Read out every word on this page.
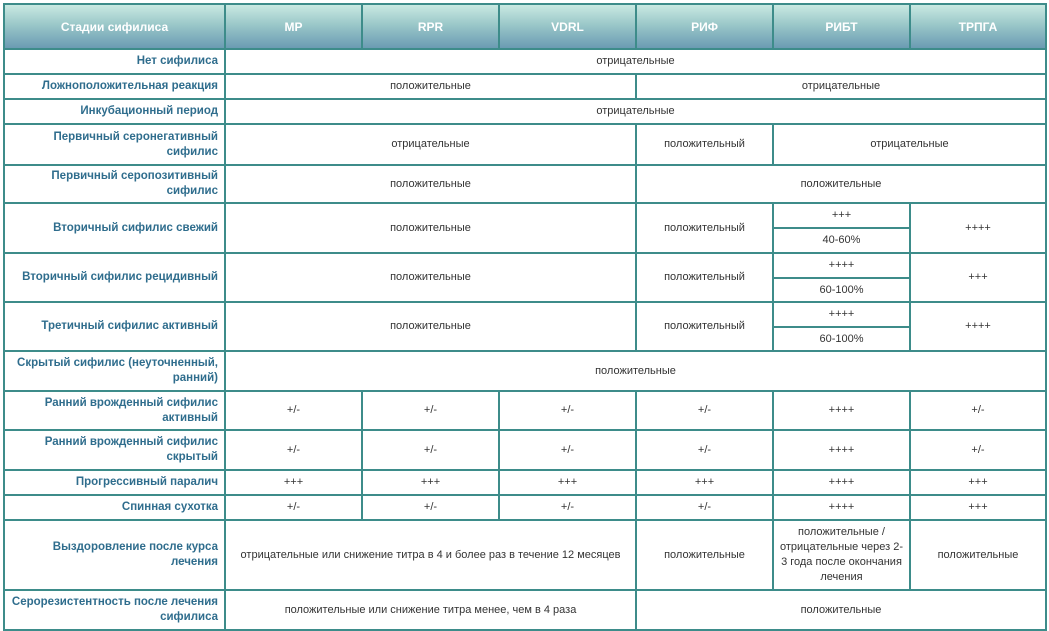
Стадии сифилиса	МР	RPR	VDRL	РИФ	РИБТ	ТРПГА
Нет сифилиса	отрицательные					
Ложноположительная реакция	положительные			отрицательные		
Инкубационный период	отрицательные					
Первичный серонегативный сифилис	отрицательные			положительный	отрицательные	
Первичный серопозитивный сифилис	положительные			положительные		
Вторичный сифилис свежий	положительные			положительный	+++	++++
					40-60%	
Вторичный сифилис рецидивный	положительные			положительный	++++	+++
					60-100%	
Третичный сифилис активный	положительные			положительный	++++	++++
					60-100%	
Скрытый сифилис (неуточненный, ранний)	положительные					
Ранний врожденный сифилис активный	+/-	+/-	+/-	+/-	++++	+/-
Ранний врожденный сифилис скрытый	+/-	+/-	+/-	+/-	++++	+/-
Прогрессивный паралич	+++	+++	+++	+++	++++	+++
Спинная сухотка	+/-	+/-	+/-	+/-	++++	+++
Выздоровление после курса лечения	отрицательные или снижение титра в 4 и более раз в течение 12 месяцев			положительные	положительные / отрицательные через 2-3 года после окончания лечения	положительные
Серорезистентность после лечения сифилиса	положительные или снижение титра менее, чем в 4 раза			положительные		
